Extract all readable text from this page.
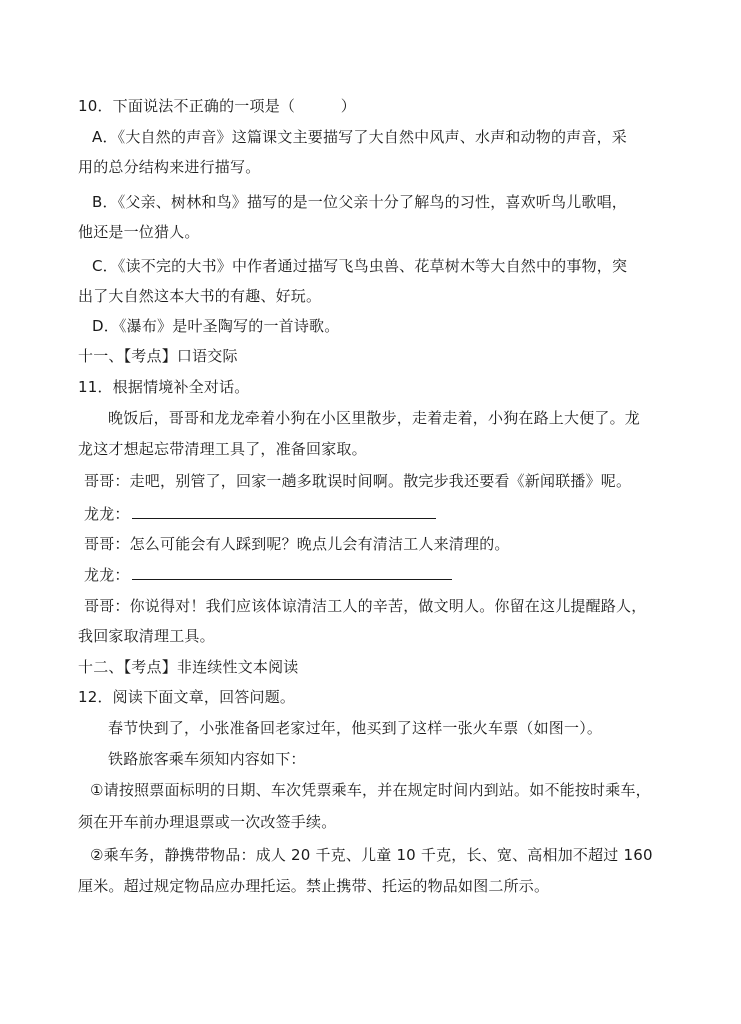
10．下面说法不正确的一项是（　　　）
A．《大自然的声音》这篇课文主要描写了大自然中风声、水声和动物的声音，采
用的总分结构来进行描写。
B．《父亲、树林和鸟》描写的是一位父亲十分了解鸟的习性，喜欢听鸟儿歌唱，
他还是一位猎人。
C．《读不完的大书》中作者通过描写飞鸟虫兽、花草树木等大自然中的事物，突
出了大自然这本大书的有趣、好玩。
D．《瀑布》是叶圣陶写的一首诗歌。
十一、【考点】口语交际
11．根据情境补全对话。
晚饭后，哥哥和龙龙牵着小狗在小区里散步，走着走着，小狗在路上大便了。龙
龙这才想起忘带清理工具了，准备回家取。
哥哥：走吧，别管了，回家一趟多耽误时间啊。散完步我还要看《新闻联播》呢。
龙龙：
哥哥：怎么可能会有人踩到呢？晚点儿会有清洁工人来清理的。
龙龙：
哥哥：你说得对！我们应该体谅清洁工人的辛苦，做文明人。你留在这儿提醒路人，
我回家取清理工具。
十二、【考点】非连续性文本阅读
12．阅读下面文章，回答问题。
春节快到了，小张准备回老家过年，他买到了这样一张火车票（如图一）。
铁路旅客乘车须知内容如下：
①请按照票面标明的日期、车次凭票乘车，并在规定时间内到站。如不能按时乘车，
须在开车前办理退票或一次改签手续。
②乘车务，静携带物品：成人 20 千克、儿童 10 千克，长、宽、高相加不超过 160
厘米。超过规定物品应办理托运。禁止携带、托运的物品如图二所示。
